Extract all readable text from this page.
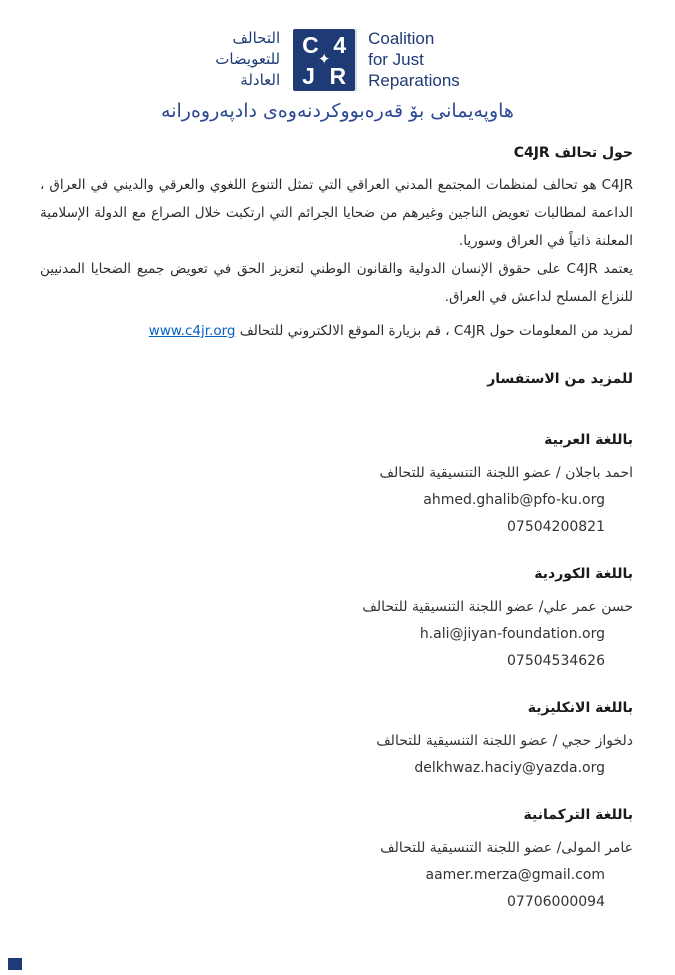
التحالف
للتعويضات
العادلة
C 4
J R
✦
Coalition
for Just
Reparations
هاوپەیمانی بۆ قەرەبووکردنەوەی دادپەروەرانە
حول تحالف C4JR

C4JR هو تحالف لمنظمات المجتمع المدني العراقي التي تمثل التنوع اللغوي والعرقي والديني في العراق ، الداعمة لمطالبات تعويض الناجين وغيرهم من ضحايا الجرائم التي ارتكبت خلال الصراع مع الدولة الإسلامية المعلنة ذاتياً في العراق وسوريا.

يعتمد C4JR على حقوق الإنسان الدولية والقانون الوطني لتعزيز الحق في تعويض جميع الضحايا المدنيين للنزاع المسلح لداعش في العراق.

لمزيد من المعلومات حول C4JR ، قم بزيارة الموقع الالكتروني للتحالف www.c4jr.org
للمزيد من الاستفسار
باللغة العربية
احمد باجلان / عضو اللجنة التنسيقية للتحالف
ahmed.ghalib@pfo-ku.org
07504200821
باللغة الكوردية
حسن عمر علي/ عضو اللجنة التنسيقية للتحالف
h.ali@jiyan-foundation.org
07504534626
باللغة الانكليزية
دلخواز حجي / عضو اللجنة التنسيقية للتحالف
delkhwaz.haciy@yazda.org
باللغة التركمانية
عامر المولى/ عضو اللجنة التنسيقية للتحالف
aamer.merza@gmail.com
07706000094
